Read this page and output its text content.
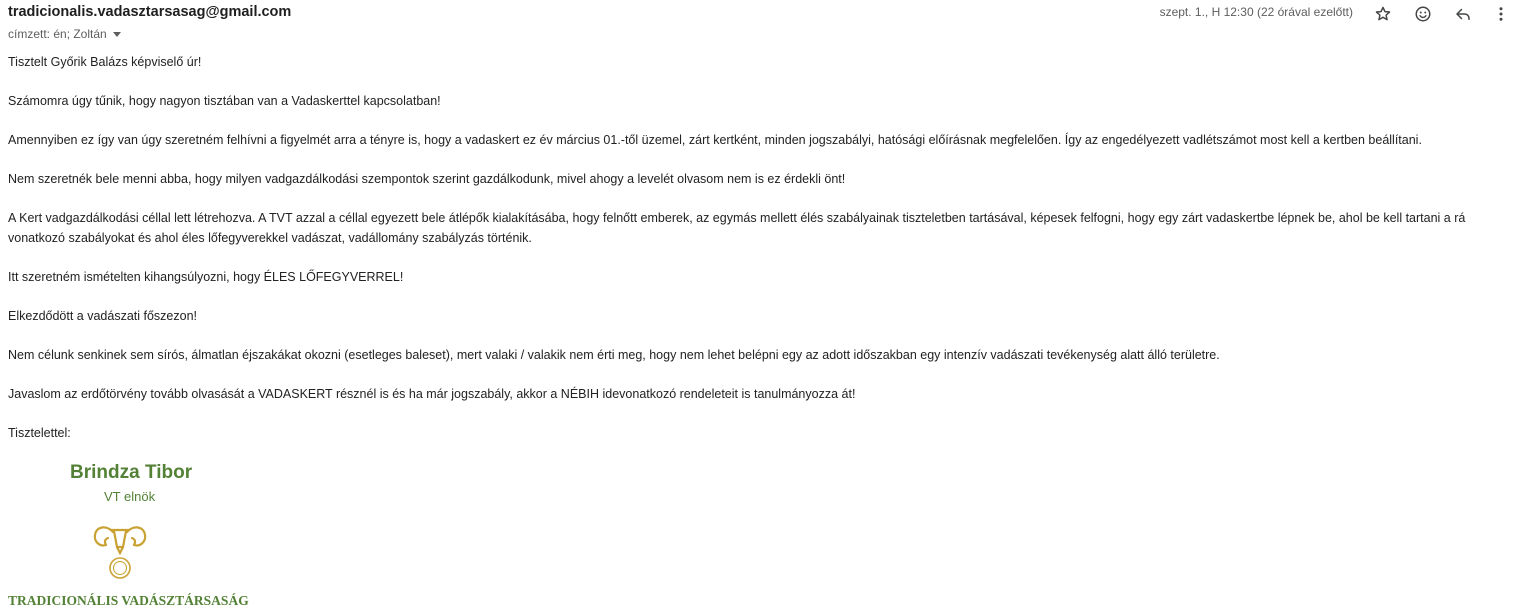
tradicionalis.vadasztarsasag@gmail.com
címzett: én; Zoltán
szept. 1., H 12:30 (22 órával ezelőtt)

Tisztelt Győrik Balázs képviselő úr!

Számomra úgy tűnik, hogy nagyon tisztában van a Vadaskerttel kapcsolatban!

Amennyiben ez így van úgy szeretném felhívni a figyelmét arra a tényre is, hogy a vadaskert ez év március 01.-től üzemel, zárt kertként, minden jogszabályi, hatósági előírásnak megfelelően. Így az engedélyezett vadlétszámot most kell a kertben beállítani.

Nem szeretnék bele menni abba, hogy milyen vadgazdálkodási szempontok szerint gazdálkodunk, mivel ahogy a levelét olvasom nem is ez érdekli önt!

A Kert vadgazdálkodási céllal lett létrehozva. A TVT azzal a céllal egyezett bele átlépők kialakításába, hogy felnőtt emberek, az egymás mellett élés szabályainak tiszteletben tartásával, képesek felfogni, hogy egy zárt vadaskertbe lépnek be, ahol be kell tartani a rá vonatkozó szabályokat és ahol éles lőfegyverekkel vadászat, vadállomány szabályzás történik.

Itt szeretném ismételten kihangsúlyozni, hogy ÉLES LŐFEGYVERREL!

Elkezdődött a vadászati főszezon!

Nem célunk senkinek sem sírós, álmatlan éjszakákat okozni (esetleges baleset), mert valaki / valakik nem érti meg, hogy nem lehet belépni egy az adott időszakban egy intenzív vadászati tevékenység alatt álló területre.

Javaslom az erdőtörvény tovább olvasását a VADASKERT résznél is és ha már jogszabály, akkor a NÉBIH idevonatkozó rendeleteit is tanulmányozza át!

Tisztelettel:

Brindza Tibor
VT elnök
TRADICIONÁLIS VADÁSZTÁRSASÁG
